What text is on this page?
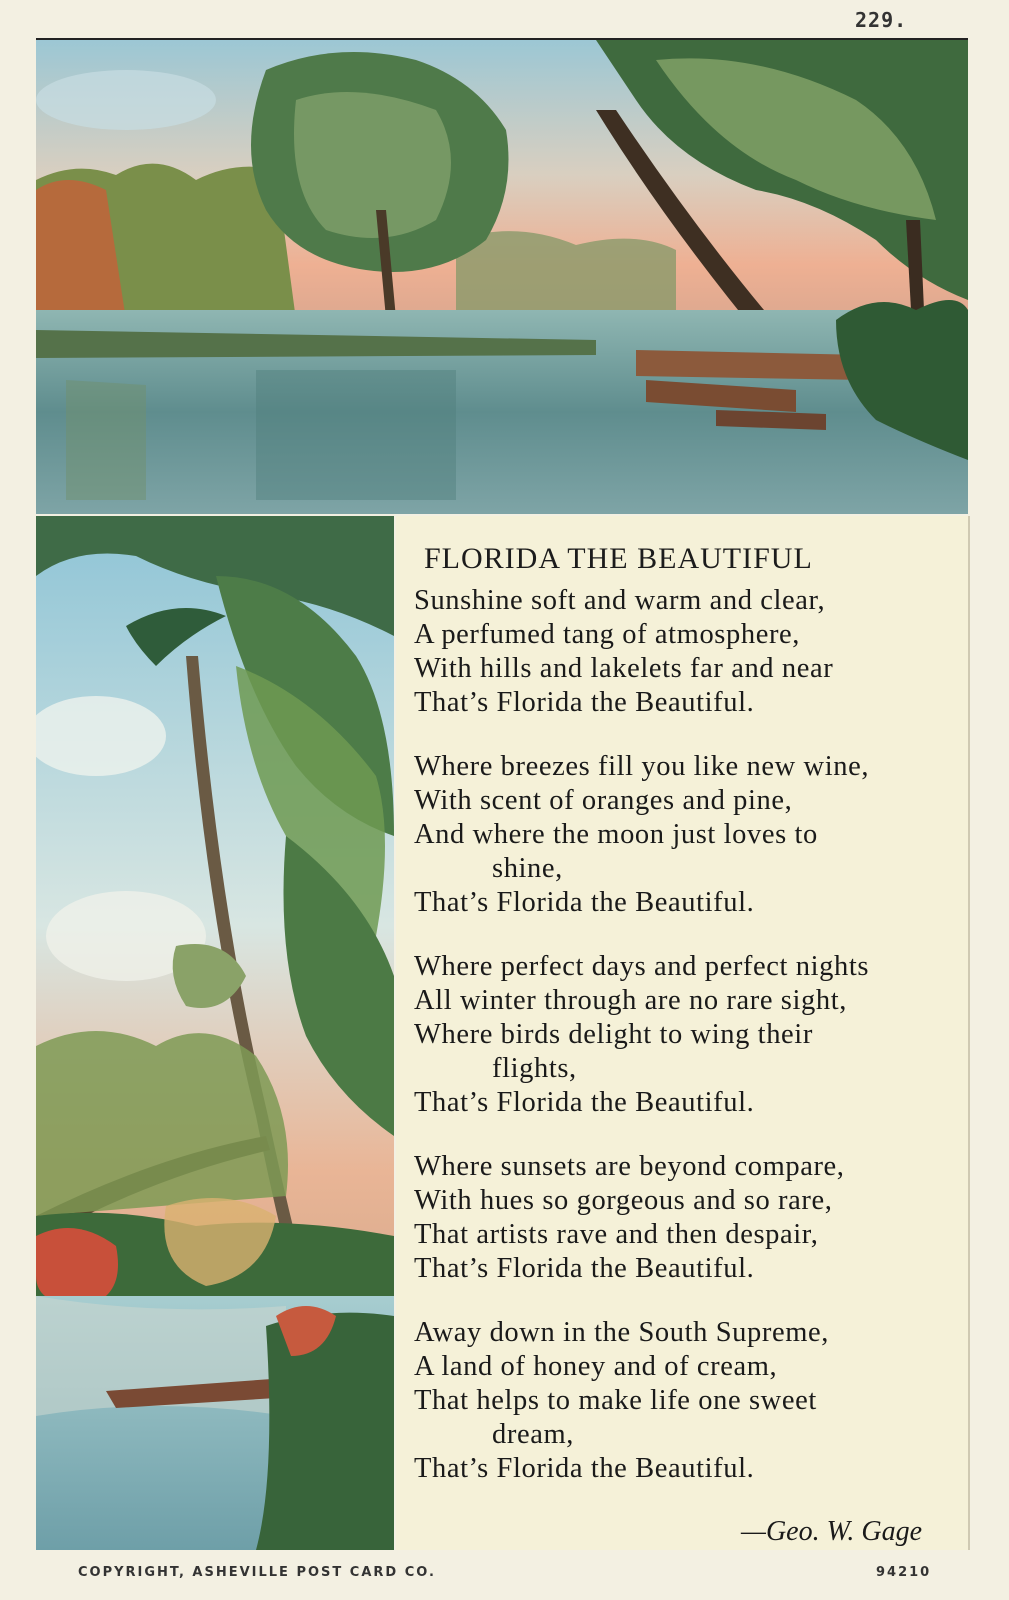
229.
FLORIDA THE BEAUTIFUL
Sunshine soft and warm and clear,
A perfumed tang of atmosphere,
With hills and lakelets far and near
That’s Florida the Beautiful.
Where breezes fill you like new wine,
With scent of oranges and pine,
And where the moon just loves to
shine,
That’s Florida the Beautiful.
Where perfect days and perfect nights
All winter through are no rare sight,
Where birds delight to wing their
flights,
That’s Florida the Beautiful.
Where sunsets are beyond compare,
With hues so gorgeous and so rare,
That artists rave and then despair,
That’s Florida the Beautiful.
Away down in the South Supreme,
A land of honey and of cream,
That helps to make life one sweet
dream,
That’s Florida the Beautiful.
—Geo. W. Gage
COPYRIGHT, ASHEVILLE POST CARD CO.	94210
